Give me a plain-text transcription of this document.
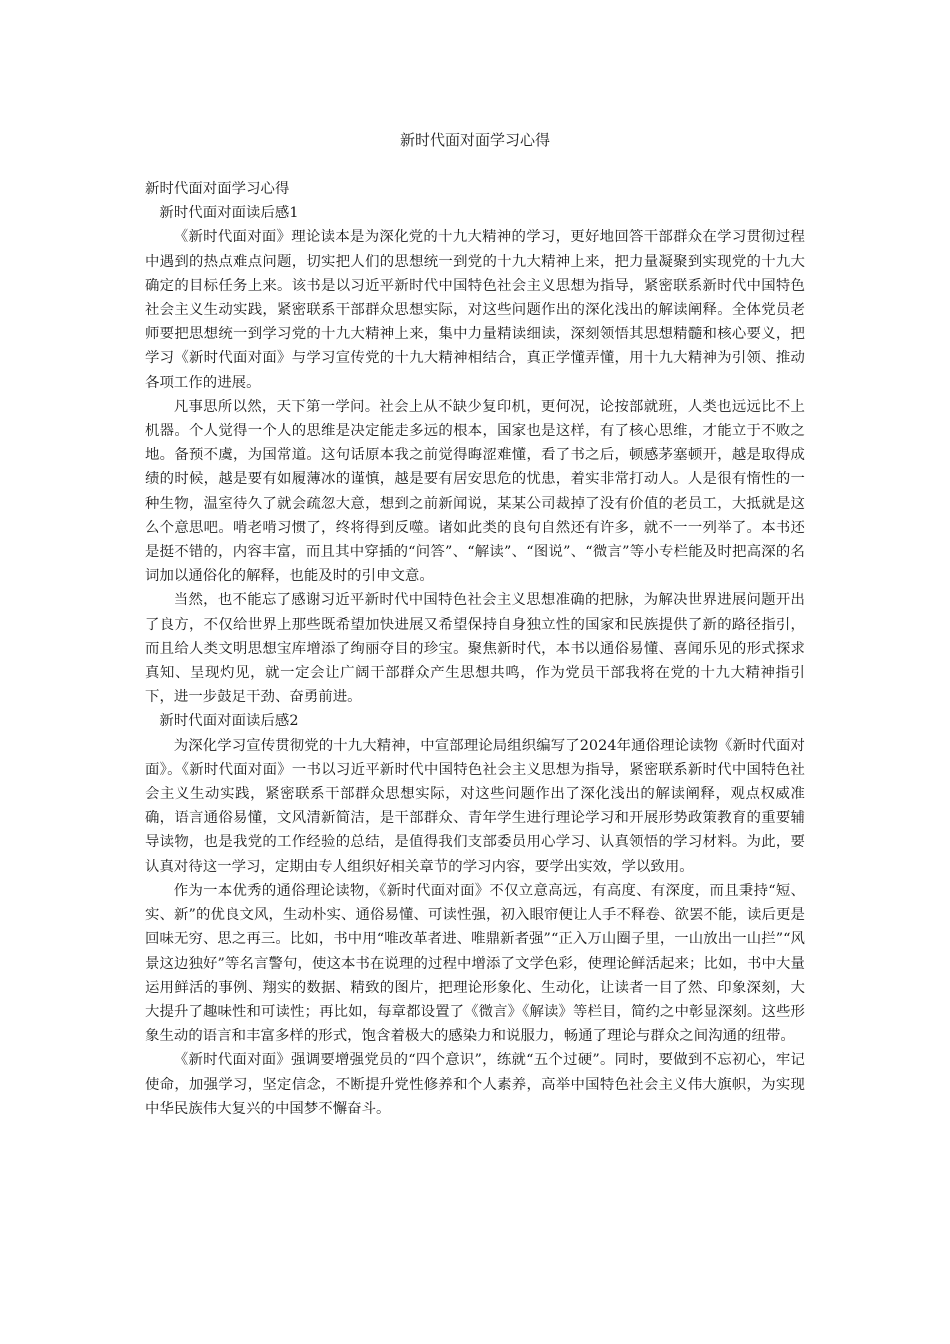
新时代面对面学习心得

新时代面对面学习心得

新时代面对面读后感1

《新时代面对面》理论读本是为深化党的十九大精神的学习，更好地回答干部群众在学习贯彻过程中遇到的热点难点问题，切实把人们的思想统一到党的十九大精神上来，把力量凝聚到实现党的十九大确定的目标任务上来。该书是以习近平新时代中国特色社会主义思想为指导，紧密联系新时代中国特色社会主义生动实践，紧密联系干部群众思想实际，对这些问题作出的深化浅出的解读阐释。全体党员老师要把思想统一到学习党的十九大精神上来，集中力量精读细读，深刻领悟其思想精髓和核心要义，把学习《新时代面对面》与学习宣传党的十九大精神相结合，真正学懂弄懂，用十九大精神为引领、推动各项工作的进展。

凡事思所以然，天下第一学问。社会上从不缺少复印机，更何况，论按部就班，人类也远远比不上机器。个人觉得一个人的思维是决定能走多远的根本，国家也是这样，有了核心思维，才能立于不败之地。备预不虞，为国常道。这句话原本我之前觉得晦涩难懂，看了书之后，顿感茅塞顿开，越是取得成绩的时候，越是要有如履薄冰的谨慎，越是要有居安思危的忧患，着实非常打动人。人是很有惰性的一种生物，温室待久了就会疏忽大意，想到之前新闻说，某某公司裁掉了没有价值的老员工，大抵就是这么个意思吧。啃老啃习惯了，终将得到反噬。诸如此类的良句自然还有许多，就不一一列举了。本书还是挺不错的，内容丰富，而且其中穿插的“问答”、“解读”、“图说”、“微言”等小专栏能及时把高深的名词加以通俗化的解释，也能及时的引申文意。

当然，也不能忘了感谢习近平新时代中国特色社会主义思想准确的把脉，为解决世界进展问题开出了良方，不仅给世界上那些既希望加快进展又希望保持自身独立性的国家和民族提供了新的路径指引，而且给人类文明思想宝库增添了绚丽夺目的珍宝。聚焦新时代，本书以通俗易懂、喜闻乐见的形式探求真知、呈现灼见，就一定会让广阔干部群众产生思想共鸣，作为党员干部我将在党的十九大精神指引下，进一步鼓足干劲、奋勇前进。

新时代面对面读后感2

为深化学习宣传贯彻党的十九大精神，中宣部理论局组织编写了2024年通俗理论读物《新时代面对面》。《新时代面对面》一书以习近平新时代中国特色社会主义思想为指导，紧密联系新时代中国特色社会主义生动实践，紧密联系干部群众思想实际，对这些问题作出了深化浅出的解读阐释，观点权威准确，语言通俗易懂，文风清新简洁，是干部群众、青年学生进行理论学习和开展形势政策教育的重要辅导读物，也是我党的工作经验的总结，是值得我们支部委员用心学习、认真领悟的学习材料。为此，要认真对待这一学习，定期由专人组织好相关章节的学习内容，要学出实效，学以致用。

作为一本优秀的通俗理论读物，《新时代面对面》不仅立意高远，有高度、有深度，而且秉持“短、实、新”的优良文风，生动朴实、通俗易懂、可读性强，初入眼帘便让人手不释卷、欲罢不能，读后更是回味无穷、思之再三。比如，书中用“唯改革者进、唯鼎新者强”“正入万山圈子里，一山放出一山拦”“风景这边独好”等名言警句，使这本书在说理的过程中增添了文学色彩，使理论鲜活起来；比如，书中大量运用鲜活的事例、翔实的数据、精致的图片，把理论形象化、生动化，让读者一目了然、印象深刻，大大提升了趣味性和可读性；再比如，每章都设置了《微言》《解读》等栏目，简约之中彰显深刻。这些形象生动的语言和丰富多样的形式，饱含着极大的感染力和说服力，畅通了理论与群众之间沟通的纽带。

《新时代面对面》强调要增强党员的“四个意识”，练就“五个过硬”。同时，要做到不忘初心，牢记使命，加强学习，坚定信念，不断提升党性修养和个人素养，高举中国特色社会主义伟大旗帜，为实现中华民族伟大复兴的中国梦不懈奋斗。
